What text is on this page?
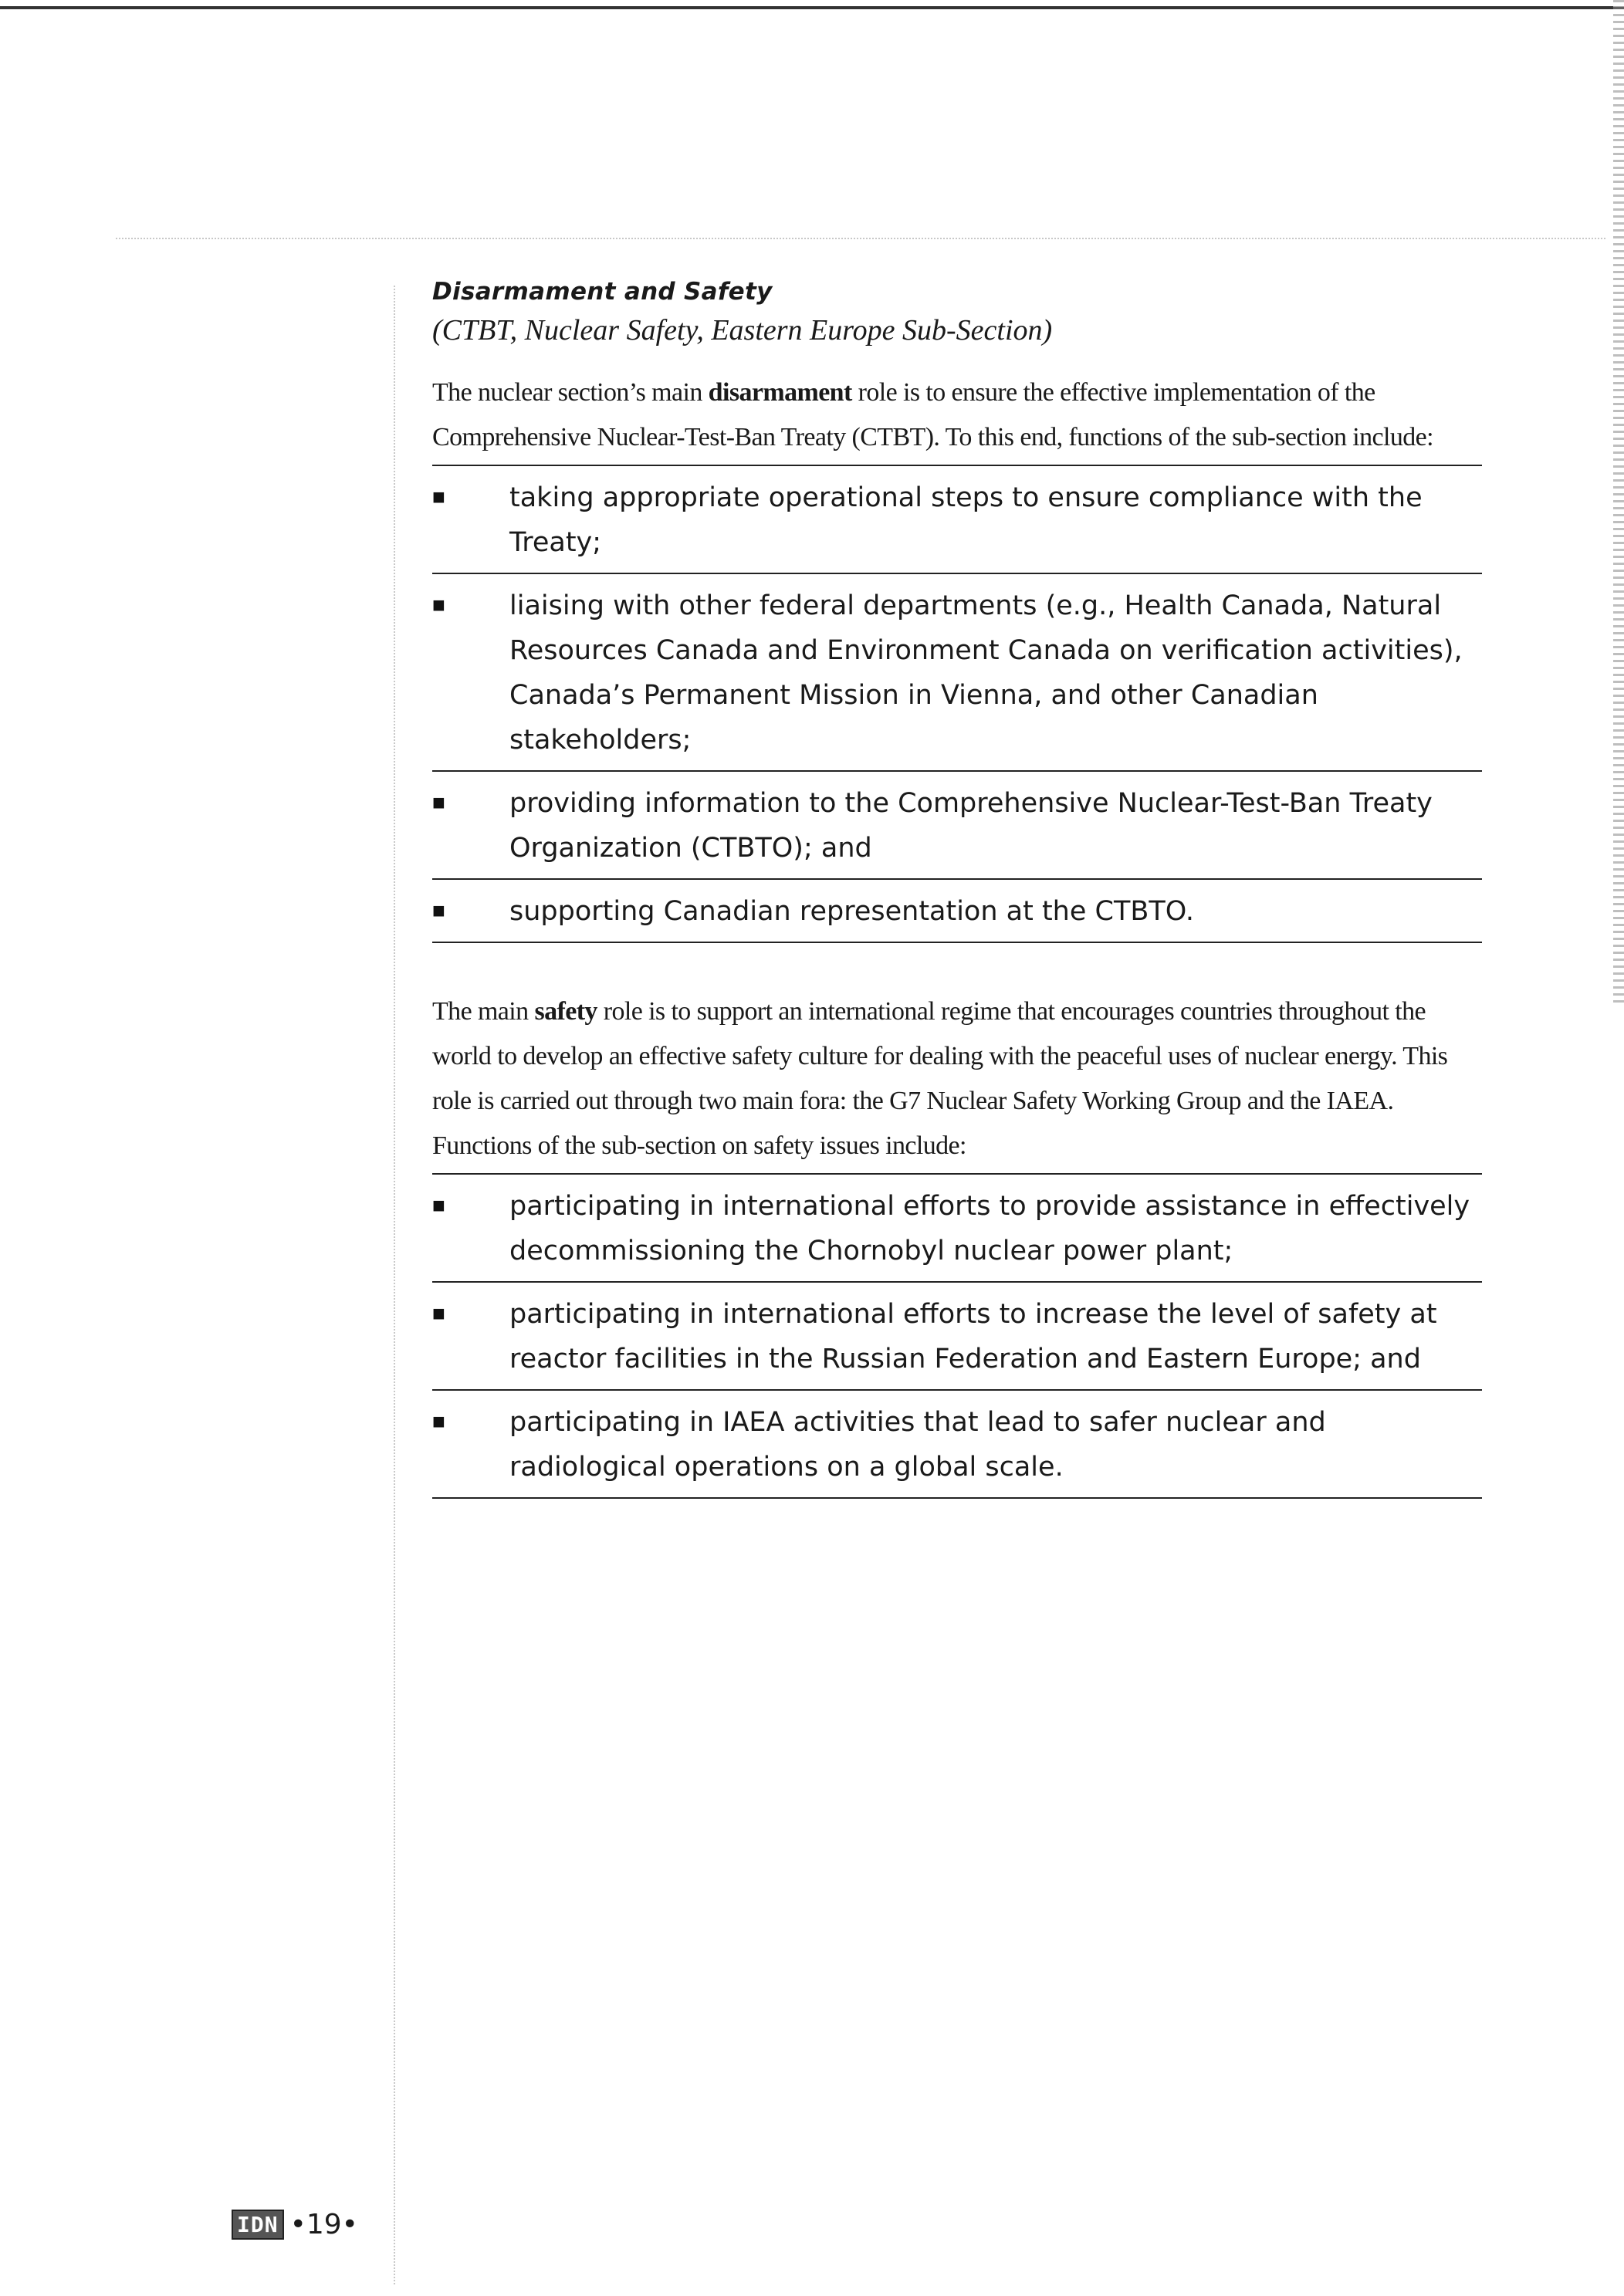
Disarmament and Safety

(CTBT, Nuclear Safety, Eastern Europe Sub-Section)

The nuclear section’s main disarmament role is to ensure the effective implementation of the Comprehensive Nuclear-Test-Ban Treaty (CTBT). To this end, functions of the sub-section include:

■	taking appropriate operational steps to ensure compliance with the Treaty;
■	liaising with other federal departments (e.g., Health Canada, Natural Resources Canada and Environment Canada on verification activities), Canada’s Permanent Mission in Vienna, and other Canadian stakeholders;
■	providing information to the Comprehensive Nuclear-Test-Ban Treaty Organization (CTBTO); and
■	supporting Canadian representation at the CTBTO.

The main safety role is to support an international regime that encourages countries throughout the world to develop an effective safety culture for dealing with the peaceful uses of nuclear energy. This role is carried out through two main fora: the G7 Nuclear Safety Working Group and the IAEA. Functions of the sub-section on safety issues include:

■	participating in international efforts to provide assistance in effectively decommissioning the Chornobyl nuclear power plant;
■	participating in international efforts to increase the level of safety at reactor facilities in the Russian Federation and Eastern Europe; and
■	participating in IAEA activities that lead to safer nuclear and radiological operations on a global scale.
IDN •19•
